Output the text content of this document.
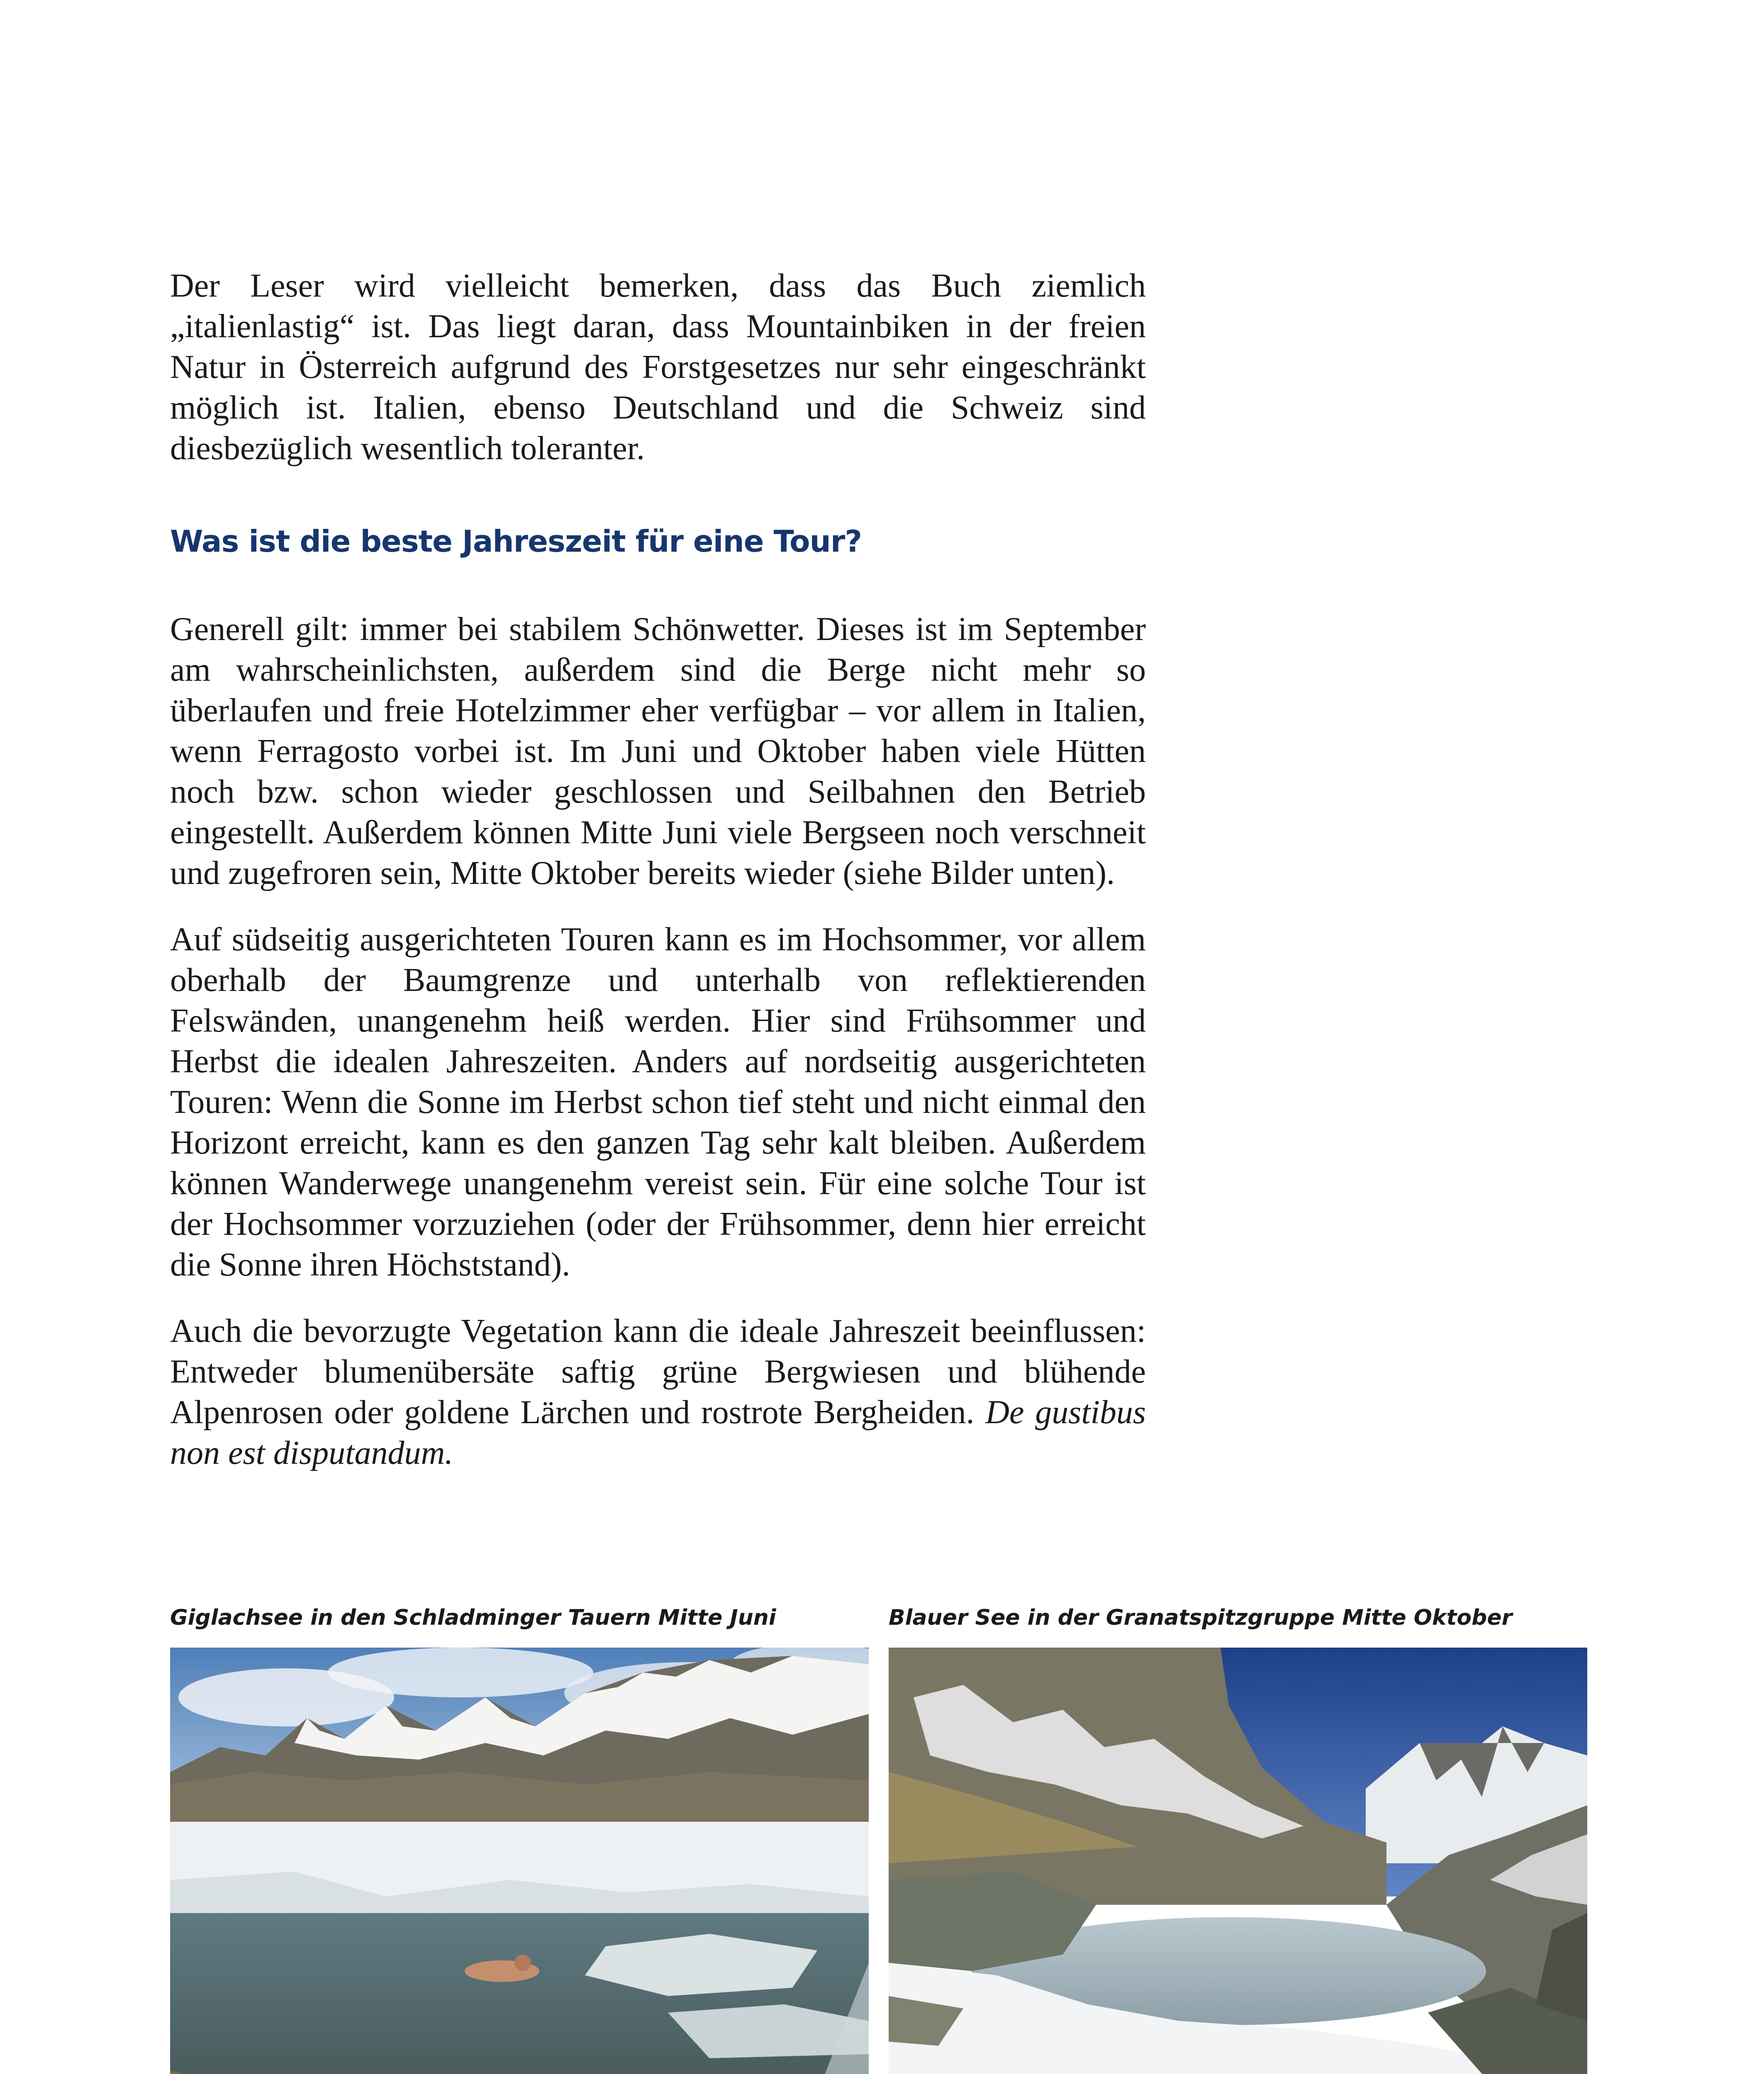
Der Leser wird vielleicht bemerken, dass das Buch ziemlich „italienlastig“ ist. Das liegt daran, dass Mountainbiken in der freien Natur in Österreich aufgrund des Forstgesetzes nur sehr eingeschränkt möglich ist. Italien, ebenso Deutschland und die Schweiz sind diesbezüglich wesentlich toleranter.

Was ist die beste Jahreszeit für eine Tour?

Generell gilt: immer bei stabilem Schönwetter. Dieses ist im September am wahrscheinlichsten, außerdem sind die Berge nicht mehr so überlaufen und freie Hotelzimmer eher verfügbar – vor allem in Italien, wenn Ferragosto vorbei ist. Im Juni und Oktober haben viele Hütten noch bzw. schon wieder geschlossen und Seilbahnen den Betrieb eingestellt. Außerdem können Mitte Juni viele Bergseen noch verschneit und zugefroren sein, Mitte Oktober bereits wieder (siehe Bilder unten).

Auf südseitig ausgerichteten Touren kann es im Hochsommer, vor allem oberhalb der Baumgrenze und unterhalb von reflektierenden Felswänden, unangenehm heiß werden. Hier sind Frühsommer und Herbst die idealen Jahreszeiten. Anders auf nordseitig ausgerichteten Touren: Wenn die Sonne im Herbst schon tief steht und nicht einmal den Horizont erreicht, kann es den ganzen Tag sehr kalt bleiben. Außerdem können Wanderwege unangenehm vereist sein. Für eine solche Tour ist der Hochsommer vorzuziehen (oder der Frühsommer, denn hier erreicht die Sonne ihren Höchststand).

Auch die bevorzugte Vegetation kann die ideale Jahreszeit beeinflussen: Entweder blumenübersäte saftig grüne Bergwiesen und blühende Alpenrosen oder goldene Lärchen und rostrote Bergheiden. De gustibus non est disputandum.

Giglachsee in den Schladminger Tauern Mitte Juni	Blauer See in der Granatspitzgruppe Mitte Oktober
